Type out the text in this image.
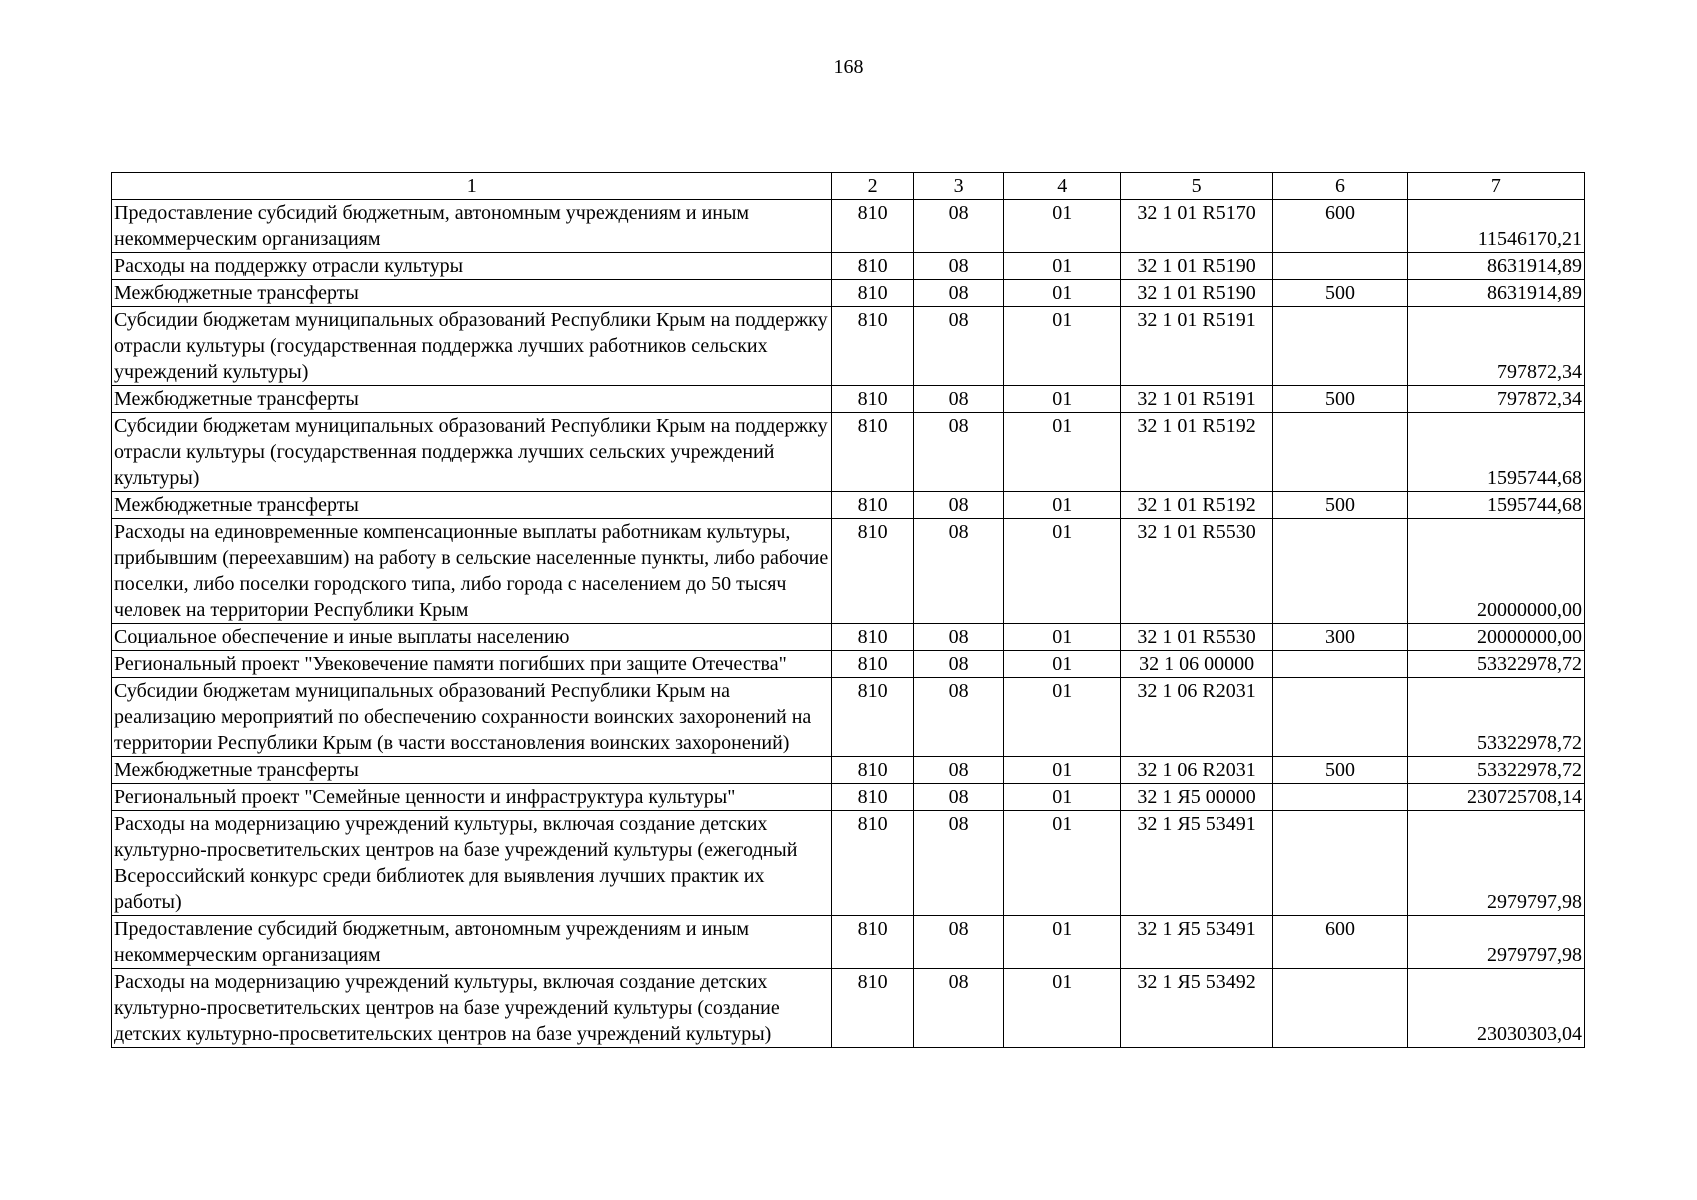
168
1	2	3	4	5	6	7
Предоставление субсидий бюджетным, автономным учреждениям и иным некоммерческим организациям	810	08	01	32 1 01 R5170	600	11546170,21
Расходы на поддержку отрасли культуры	810	08	01	32 1 01 R5190		8631914,89
Межбюджетные трансферты	810	08	01	32 1 01 R5190	500	8631914,89
Субсидии бюджетам муниципальных образований Республики Крым на поддержку отрасли культуры (государственная поддержка лучших работников сельских учреждений культуры)	810	08	01	32 1 01 R5191		797872,34
Межбюджетные трансферты	810	08	01	32 1 01 R5191	500	797872,34
Субсидии бюджетам муниципальных образований Республики Крым на поддержку отрасли культуры (государственная поддержка лучших сельских учреждений культуры)	810	08	01	32 1 01 R5192		1595744,68
Межбюджетные трансферты	810	08	01	32 1 01 R5192	500	1595744,68
Расходы на единовременные компенсационные выплаты работникам культуры, прибывшим (переехавшим) на работу в сельские населенные пункты, либо рабочие поселки, либо поселки городского типа, либо города с населением до 50 тысяч человек на территории Республики Крым	810	08	01	32 1 01 R5530		20000000,00
Социальное обеспечение и иные выплаты населению	810	08	01	32 1 01 R5530	300	20000000,00
Региональный проект "Увековечение памяти погибших при защите Отечества"	810	08	01	32 1 06 00000		53322978,72
Субсидии бюджетам муниципальных образований Республики Крым на реализацию мероприятий по обеспечению сохранности воинских захоронений на территории Республики Крым (в части восстановления воинских захоронений)	810	08	01	32 1 06 R2031		53322978,72
Межбюджетные трансферты	810	08	01	32 1 06 R2031	500	53322978,72
Региональный проект "Семейные ценности и инфраструктура культуры"	810	08	01	32 1 Я5 00000		230725708,14
Расходы на модернизацию учреждений культуры, включая создание детских культурно-просветительских центров на базе учреждений культуры (ежегодный Всероссийский конкурс среди библиотек для выявления лучших практик их работы)	810	08	01	32 1 Я5 53491		2979797,98
Предоставление субсидий бюджетным, автономным учреждениям и иным некоммерческим организациям	810	08	01	32 1 Я5 53491	600	2979797,98
Расходы на модернизацию учреждений культуры, включая создание детских культурно-просветительских центров на базе учреждений культуры (создание детских культурно-просветительских центров на базе учреждений культуры)	810	08	01	32 1 Я5 53492		23030303,04
